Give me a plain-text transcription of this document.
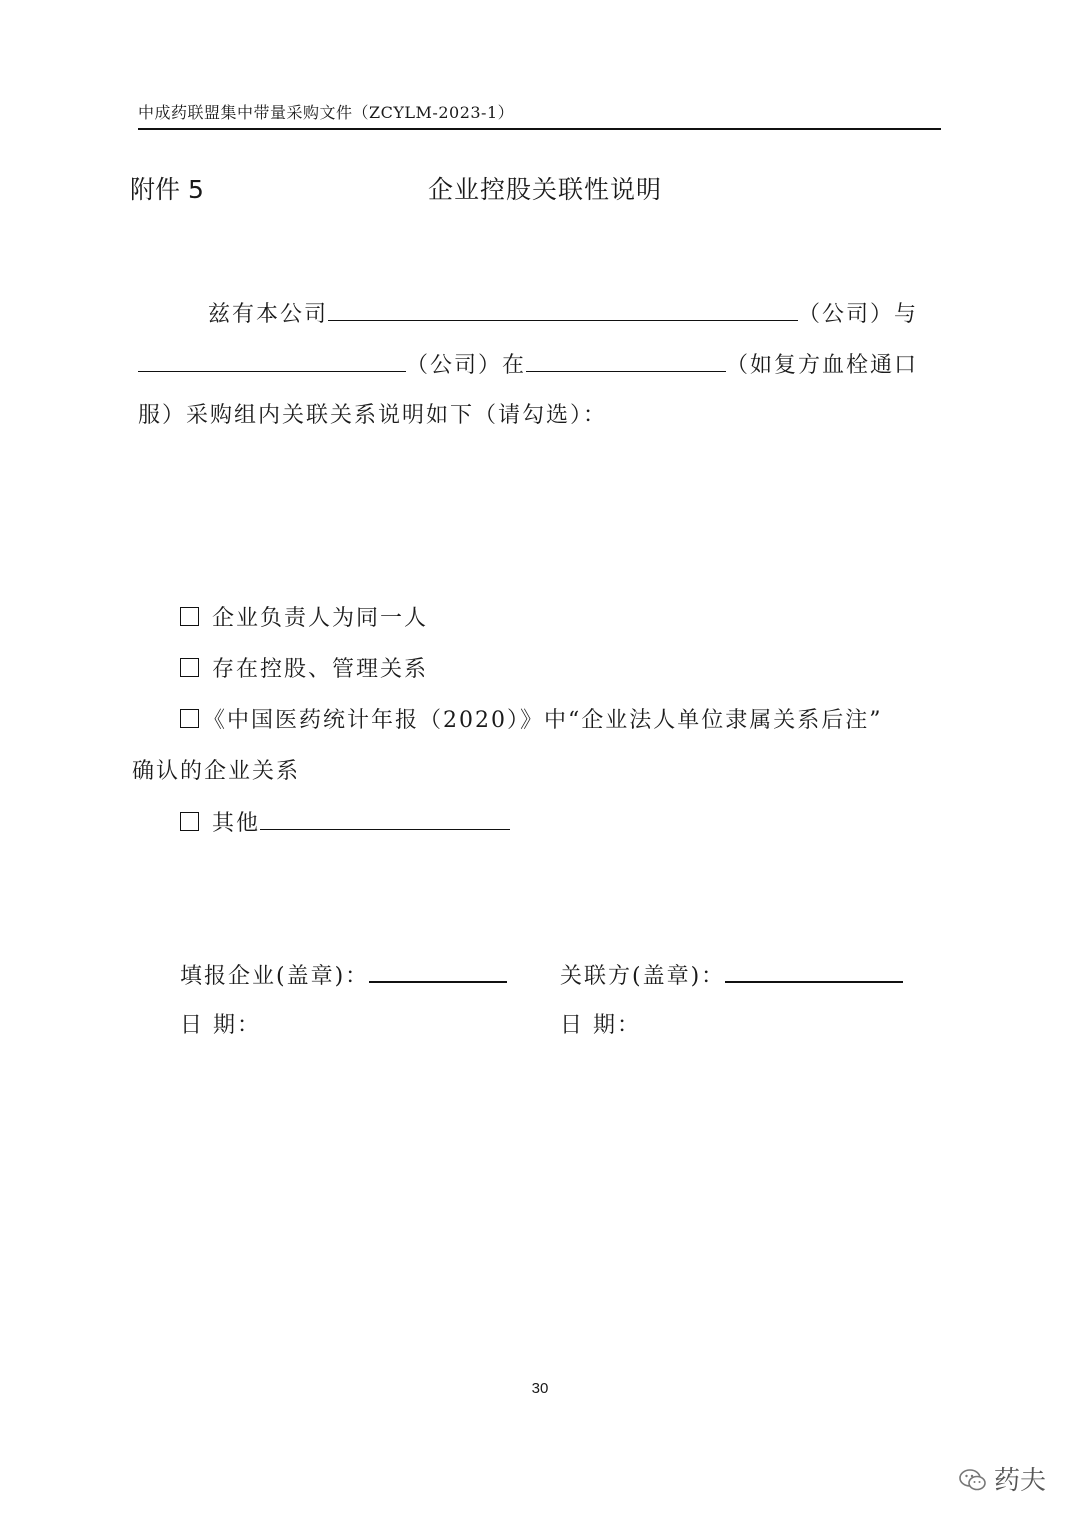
中成药联盟集中带量采购文件（ZCYLM-2023-1）
附件 5	企业控股关联性说明
兹有本公司	（公司）与
（公司）在	（如复方血栓通口
服）采购组内关联关系说明如下（请勾选）：
企业负责人为同一人
存在控股、管理关系
《中国医药统计年报（2020）》中“企业法人单位隶属关系后注”
确认的企业关系
其他
填报企业(盖章)：	关联方(盖章)：
日 期：	日 期：
30
药夫
